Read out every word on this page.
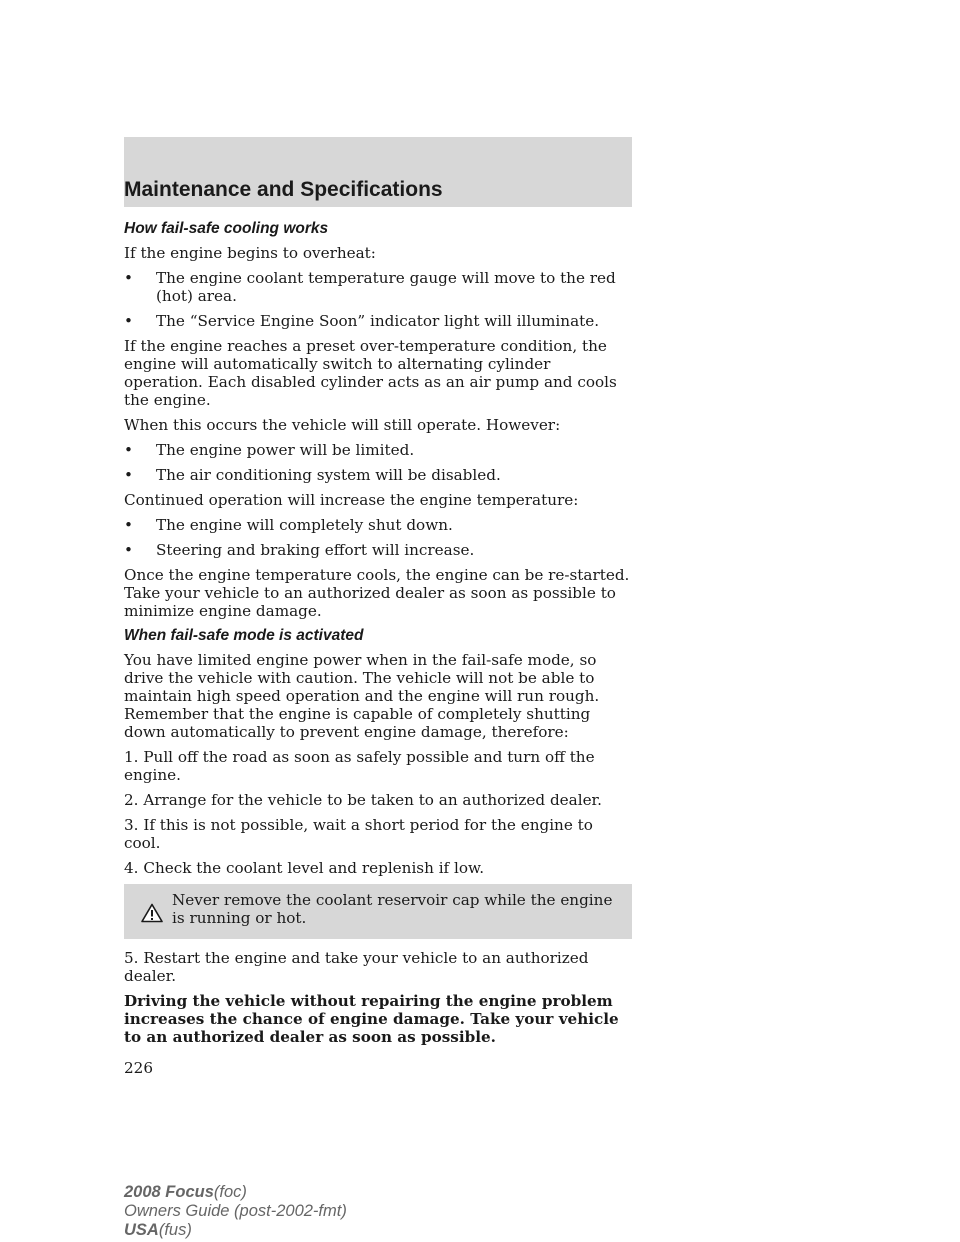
Maintenance and Specifications
How fail-safe cooling works

If the engine begins to overheat:

•	The engine coolant temperature gauge will move to the red (hot) area.
•	The “Service Engine Soon” indicator light will illuminate.

If the engine reaches a preset over-temperature condition, the engine will automatically switch to alternating cylinder operation. Each disabled cylinder acts as an air pump and cools the engine.

When this occurs the vehicle will still operate. However:

•	The engine power will be limited.
•	The air conditioning system will be disabled.

Continued operation will increase the engine temperature:

•	The engine will completely shut down.
•	Steering and braking effort will increase.

Once the engine temperature cools, the engine can be re-started. Take your vehicle to an authorized dealer as soon as possible to minimize engine damage.

When fail-safe mode is activated

You have limited engine power when in the fail-safe mode, so drive the vehicle with caution. The vehicle will not be able to maintain high speed operation and the engine will run rough. Remember that the engine is capable of completely shutting down automatically to prevent engine damage, therefore:

1. Pull off the road as soon as safely possible and turn off the engine.

2. Arrange for the vehicle to be taken to an authorized dealer.

3. If this is not possible, wait a short period for the engine to cool.

4. Check the coolant level and replenish if low.

Never remove the coolant reservoir cap while the engine is running or hot.

5. Restart the engine and take your vehicle to an authorized dealer.

Driving the vehicle without repairing the engine problem increases the chance of engine damage. Take your vehicle to an authorized dealer as soon as possible.

226
2008 Focus(foc)
Owners Guide (post-2002-fmt)
USA(fus)
